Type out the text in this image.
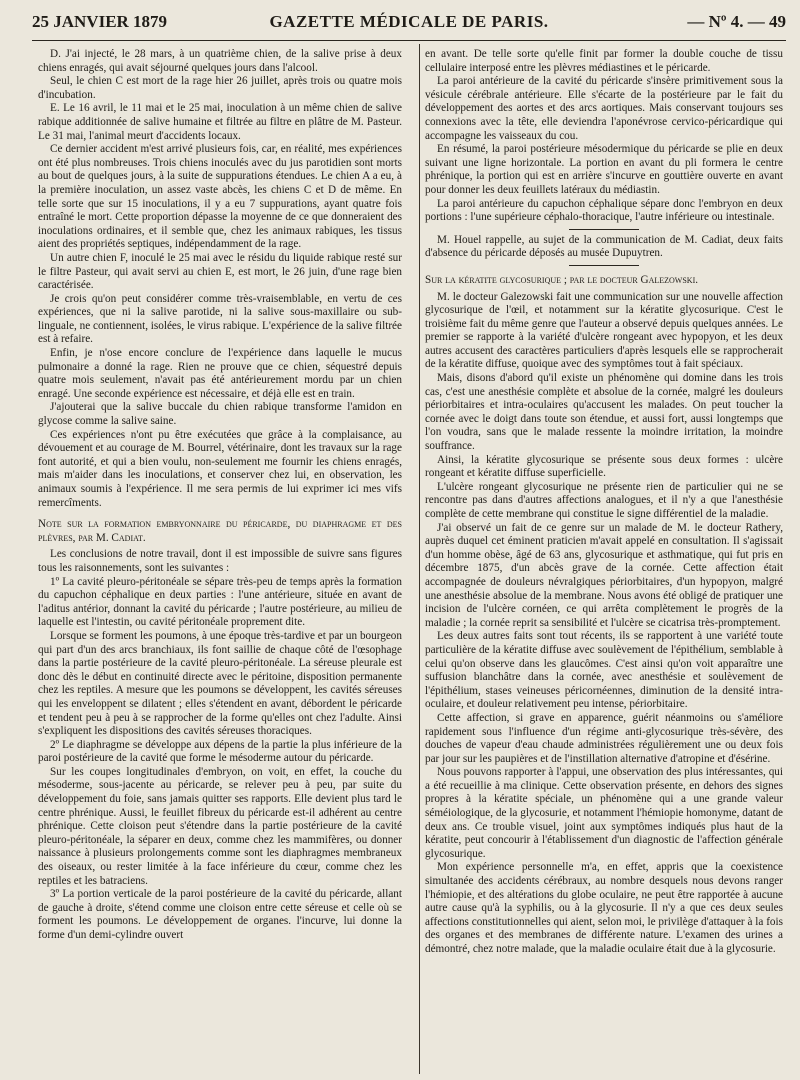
25 JANVIER 1879	GAZETTE MÉDICALE DE PARIS.	— Nº 4. — 49

D. J'ai injecté, le 28 mars, à un quatrième chien, de la salive prise à deux chiens enragés, qui avait séjourné quelques jours dans l'alcool.

Seul, le chien C est mort de la rage hier 26 juillet, après trois ou quatre mois d'incubation.

E. Le 16 avril, le 11 mai et le 25 mai, inoculation à un même chien de salive rabique additionnée de salive humaine et filtrée au filtre en plâtre de M. Pasteur. Le 31 mai, l'animal meurt d'accidents locaux.

Ce dernier accident m'est arrivé plusieurs fois, car, en réalité, mes expériences ont été plus nombreuses. Trois chiens inoculés avec du jus parotidien sont morts au bout de quelques jours, à la suite de suppurations étendues. Le chien A a eu, à la première inoculation, un assez vaste abcès, les chiens C et D de même. En telle sorte que sur 15 inoculations, il y a eu 7 suppurations, ayant quatre fois entraîné le mort. Cette proportion dépasse la moyenne de ce que donneraient des inoculations ordinaires, et il semble que, chez les animaux rabiques, les tissus aient des propriétés septiques, indépendamment de la rage.

Un autre chien F, inoculé le 25 mai avec le résidu du liquide rabique resté sur le filtre Pasteur, qui avait servi au chien E, est mort, le 26 juin, d'une rage bien caractérisée.

Je crois qu'on peut considérer comme très-vraisemblable, en vertu de ces expériences, que ni la salive parotide, ni la salive sous-maxillaire ou sub-linguale, ne contiennent, isolées, le virus rabique. L'expérience de la salive filtrée est à refaire.

Enfin, je n'ose encore conclure de l'expérience dans laquelle le mucus pulmonaire a donné la rage. Rien ne prouve que ce chien, séquestré depuis quatre mois seulement, n'avait pas été antérieurement mordu par un chien enragé. Une seconde expérience est nécessaire, et déjà elle est en train.

J'ajouterai que la salive buccale du chien rabique transforme l'amidon en glycose comme la salive saine.

Ces expériences n'ont pu être exécutées que grâce à la complaisance, au dévouement et au courage de M. Bourrel, vétérinaire, dont les travaux sur la rage font autorité, et qui a bien voulu, non-seulement me fournir les chiens enragés, mais m'aider dans les inoculations, et conserver chez lui, en observation, les animaux soumis à l'expérience. Il me sera permis de lui exprimer ici mes vifs remercîments.

Note sur la formation embryonnaire du péricarde, du diaphragme et des plèvres, par M. Cadiat.

Les conclusions de notre travail, dont il est impossible de suivre sans figures tous les raisonnements, sont les suivantes :

1º La cavité pleuro-péritonéale se sépare très-peu de temps après la formation du capuchon céphalique en deux parties : l'une antérieure, située en avant de l'aditus antérior, donnant la cavité du péricarde ; l'autre postérieure, au milieu de laquelle est l'intestin, ou cavité péritonéale proprement dite.

Lorsque se forment les poumons, à une époque très-tardive et par un bourgeon qui part d'un des arcs branchiaux, ils font saillie de chaque côté de l'œsophage dans la partie postérieure de la cavité pleuro-péritonéale. La séreuse pleurale est donc dès le début en continuité directe avec le péritoine, disposition permanente chez les reptiles. A mesure que les poumons se développent, les cavités séreuses qui les enveloppent se dilatent ; elles s'étendent en avant, débordent le péricarde et tendent peu à peu à se rapprocher de la forme qu'elles ont chez l'adulte. Ainsi s'expliquent les dispositions des cavités séreuses thoraciques.

2º Le diaphragme se développe aux dépens de la partie la plus inférieure de la paroi postérieure de la cavité que forme le mésoderme autour du péricarde.

Sur les coupes longitudinales d'embryon, on voit, en effet, la couche du mésoderme, sous-jacente au péricarde, se relever peu à peu, par suite du développement du foie, sans jamais quitter ses rapports. Elle devient plus tard le centre phrénique. Aussi, le feuillet fibreux du péricarde est-il adhérent au centre phrénique. Cette cloison peut s'étendre dans la partie postérieure de la cavité pleuro-péritonéale, la séparer en deux, comme chez les mammifères, ou donner naissance à plusieurs prolongements comme sont les diaphragmes membraneux des oiseaux, ou rester limitée à la face inférieure du cœur, comme chez les reptiles et les batraciens.

3º La portion verticale de la paroi postérieure de la cavité du péricarde, allant de gauche à droite, s'étend comme une cloison entre cette séreuse et celle où se forment les poumons. Le développement de organes. l'incurve, lui donne la forme d'un demi-cylindre ouvert

en avant. De telle sorte qu'elle finit par former la double couche de tissu cellulaire interposé entre les plèvres médiastines et le péricarde.

La paroi antérieure de la cavité du péricarde s'insère primitivement sous la vésicule cérébrale antérieure. Elle s'écarte de la postérieure par le fait du développement des aortes et des arcs aortiques. Mais conservant toujours ses connexions avec la tête, elle deviendra l'aponévrose cervico-péricardique qui accompagne les vaisseaux du cou.

En résumé, la paroi postérieure mésodermique du péricarde se plie en deux suivant une ligne horizontale. La portion en avant du pli formera le centre phrénique, la portion qui est en arrière s'incurve en gouttière ouverte en avant pour donner les deux feuillets latéraux du médiastin.

La paroi antérieure du capuchon céphalique sépare donc l'embryon en deux portions : l'une supérieure céphalo-thoracique, l'autre inférieure ou intestinale.

M. Houel rappelle, au sujet de la communication de M. Cadiat, deux faits d'absence du péricarde déposés au musée Dupuytren.

Sur la kératite glycosurique ; par le docteur Galezowski.

M. le docteur Galezowski fait une communication sur une nouvelle affection glycosurique de l'œil, et notamment sur la kératite glycosurique. C'est le troisième fait du même genre que l'auteur a observé depuis quelques années. Le premier se rapporte à la variété d'ulcère rongeant avec hypopyon, et les deux autres accusent des caractères particuliers d'après lesquels elle se rapprocherait de la kératite diffuse, quoique avec des symptômes tout à fait spéciaux.

Mais, disons d'abord qu'il existe un phénomène qui domine dans les trois cas, c'est une anesthésie complète et absolue de la cornée, malgré les douleurs périorbitaires et intra-oculaires qu'accusent les malades. On peut toucher la cornée avec le doigt dans toute son étendue, et aussi fort, aussi longtemps que l'on voudra, sans que le malade ressente la moindre irritation, la moindre souffrance.

Ainsi, la kératite glycosurique se présente sous deux formes : ulcère rongeant et kératite diffuse superficielle.

L'ulcère rongeant glycosurique ne présente rien de particulier qui ne se rencontre pas dans d'autres affections analogues, et il n'y a que l'anesthésie complète de cette membrane qui constitue le signe différentiel de la maladie.

J'ai observé un fait de ce genre sur un malade de M. le docteur Rathery, auprès duquel cet éminent praticien m'avait appelé en consultation. Il s'agissait d'un homme obèse, âgé de 63 ans, glycosurique et asthmatique, qui fut pris en décembre 1875, d'un abcès grave de la cornée. Cette affection était accompagnée de douleurs névralgiques périorbitaires, d'un hypopyon, malgré une anesthésie absolue de la membrane. Nous avons été obligé de pratiquer une incision de l'ulcère cornéen, ce qui arrêta complètement le progrès de la maladie ; la cornée reprit sa sensibilité et l'ulcère se cicatrisa très-promptement.

Les deux autres faits sont tout récents, ils se rapportent à une variété toute particulière de la kératite diffuse avec soulèvement de l'épithélium, semblable à celui qu'on observe dans les glaucômes. C'est ainsi qu'on voit apparaître une suffusion blanchâtre dans la cornée, avec anesthésie et soulèvement de l'épithélium, stases veineuses péricornéennes, diminution de la densité intra-oculaire, et douleur relativement peu intense, périorbitaire.

Cette affection, si grave en apparence, guérit néanmoins ou s'améliore rapidement sous l'influence d'un régime anti-glycosurique très-sévère, des douches de vapeur d'eau chaude administrées régulièrement une ou deux fois par jour sur les paupières et de l'instillation alternative d'atropine et d'ésérine.

Nous pouvons rapporter à l'appui, une observation des plus intéressantes, qui a été recueillie à ma clinique. Cette observation présente, en dehors des signes propres à la kératite spéciale, un phénomène qui a une grande valeur séméiologique, de la glycosurie, et notamment l'hémiopie homonyme, datant de deux ans. Ce trouble visuel, joint aux symptômes indiqués plus haut de la kératite, peut concourir à l'établissement d'un diagnostic de l'affection générale glycosurique.

Mon expérience personnelle m'a, en effet, appris que la coexistence simultanée des accidents cérébraux, au nombre desquels nous devons ranger l'hémiopie, et des altérations du globe oculaire, ne peut être rapportée à aucune autre cause qu'à la syphilis, ou à la glycosurie. Il n'y a que ces deux seules affections constitutionnelles qui aient, selon moi, le privilège d'attaquer à la fois des organes et des membranes de différente nature. L'examen des urines a démontré, chez notre malade, que la maladie oculaire était due à la glycosurie.
